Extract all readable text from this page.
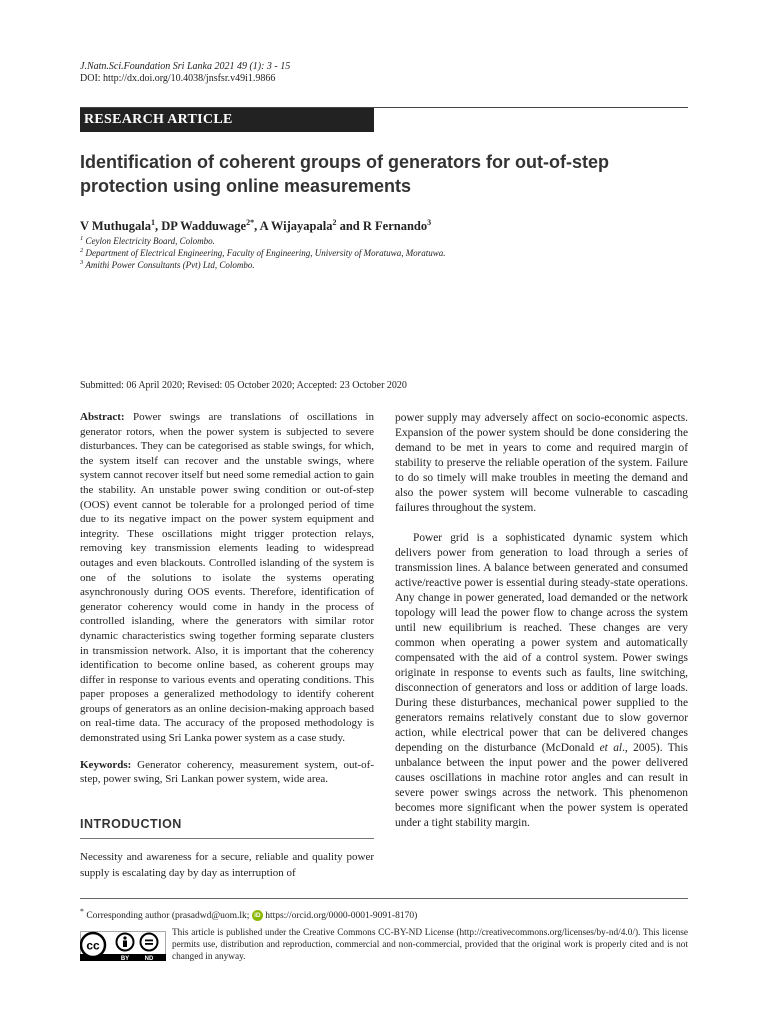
J.Natn.Sci.Foundation Sri Lanka 2021 49 (1): 3 - 15
DOI: http://dx.doi.org/10.4038/jnsfsr.v49i1.9866
RESEARCH ARTICLE
Identification of coherent groups of generators for out-of-step protection using online measurements
V Muthugala$^1$, DP Wadduwage$^{2*}$, A Wijayapala$^2$ and R Fernando$^3$
$^1$ Ceylon Electricity Board, Colombo.
$^2$ Department of Electrical Engineering, Faculty of Engineering, University of Moratuwa, Moratuwa.
$^3$ Amithi Power Consultants (Pvt) Ltd, Colombo.
Submitted: 06 April 2020; Revised: 05 October 2020; Accepted: 23 October 2020

Abstract: Power swings are translations of oscillations in generator rotors, when the power system is subjected to severe disturbances. They can be categorised as stable swings, for which, the system itself can recover and the unstable swings, where system cannot recover itself but need some remedial action to gain the stability. An unstable power swing condition or out-of-step (OOS) event cannot be tolerable for a prolonged period of time due to its negative impact on the power system equipment and integrity. These oscillations might trigger protection relays, removing key transmission elements leading to widespread outages and even blackouts. Controlled islanding of the system is one of the solutions to isolate the systems operating asynchronously during OOS events. Therefore, identification of generator coherency would come in handy in the process of controlled islanding, where the generators with similar rotor dynamic characteristics swing together forming separate clusters in transmission network. Also, it is important that the coherency identification to become online based, as coherent groups may differ in response to various events and operating conditions. This paper proposes a generalized methodology to identify coherent groups of generators as an online decision-making approach based on real-time data. The accuracy of the proposed methodology is demonstrated using Sri Lanka power system as a case study.

Keywords: Generator coherency, measurement system, out-of-step, power swing, Sri Lankan power system, wide area.

INTRODUCTION
Necessity and awareness for a secure, reliable and quality power supply is escalating day by day as interruption of

power supply may adversely affect on socio-economic aspects. Expansion of the power system should be done considering the demand to be met in years to come and required margin of stability to preserve the reliable operation of the system. Failure to do so timely will make troubles in meeting the demand and also the power system will become vulnerable to cascading failures throughout the system.

Power grid is a sophisticated dynamic system which delivers power from generation to load through a series of transmission lines. A balance between generated and consumed active/reactive power is essential during steady-state operations. Any change in power generated, load demanded or the network topology will lead the power flow to change across the system until new equilibrium is reached. These changes are very common when operating a power system and automatically compensated with the aid of a control system. Power swings originate in response to events such as faults, line switching, disconnection of generators and loss or addition of large loads. During these disturbances, mechanical power supplied to the generators remains relatively constant due to slow governor action, while electrical power that can be delivered changes depending on the disturbance (McDonald et al., 2005). This unbalance between the input power and the power delivered causes oscillations in machine rotor angles and can result in severe power swings across the network. This phenomenon becomes more significant when the power system is operated under a tight stability margin.

* Corresponding author (prasadwd@uom.lk; iD https://orcid.org/0000-0001-9091-8170)
cc
BY	ND
This article is published under the Creative Commons CC-BY-ND License (http://creativecommons.org/licenses/by-nd/4.0/). This license permits use, distribution and reproduction, commercial and non-commercial, provided that the original work is properly cited and is not changed in anyway.
